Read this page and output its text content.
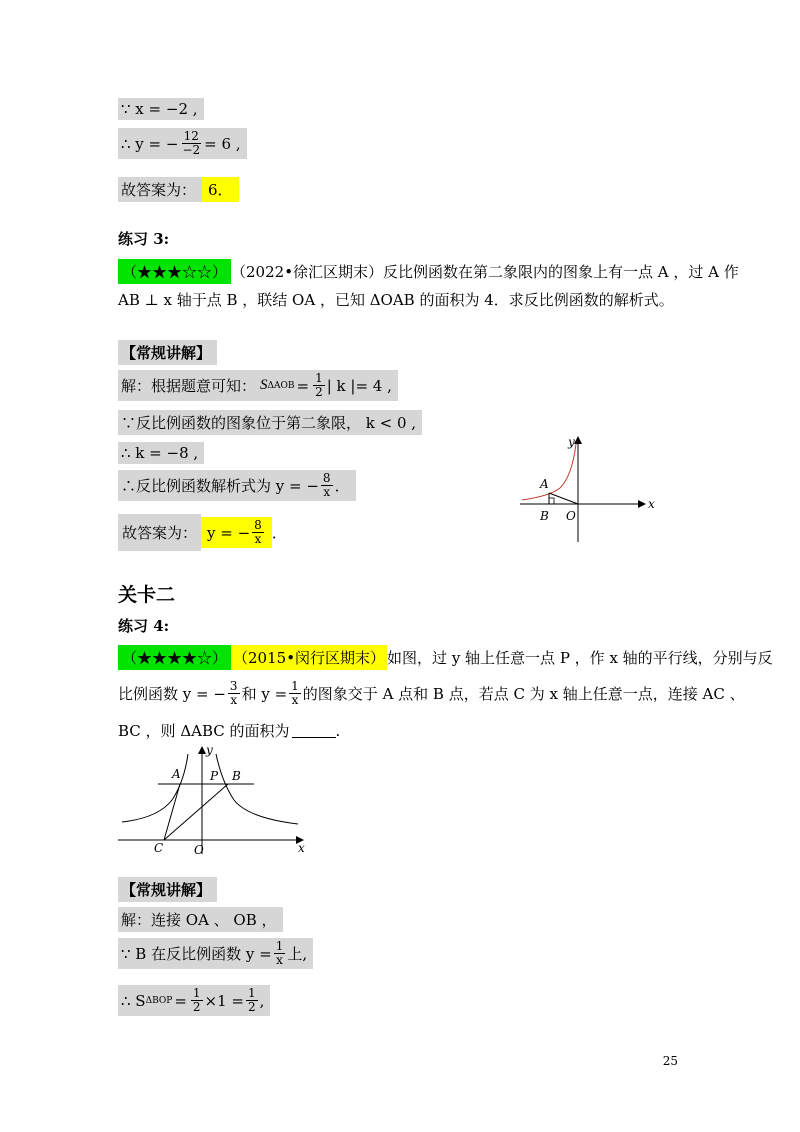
∵ x = −2 ,
∴ y = − $\frac{12}{-2} = 6$ ,
故答案为： 6．
练习 3:
（★★★☆☆） （2022•徐汇区期末）反比例函数在第二象限内的图象上有一点 A ，过 A 作
AB ⊥ x 轴于点 B ，联结 OA ，已知 ΔOAB 的面积为 4．求反比例函数的解析式。
【常规讲解】
解：根据题意可知： S $\Delta AOB = \frac{1}{2}$ | k |= 4 ,
∵反比例函数的图象位于第二象限， k < 0 ,
∴ k = −8 ,
∴反比例函数解析式为 y = − $\frac{8}{x}$ ．
故答案为： y = − $\frac{8}{x}$ ．
y
x
A
B O
关卡二
练习 4:
（★★★★☆） （2015•闵行区期末） 如图，过 y 轴上任意一点 P ，作 x 轴的平行线，分别与反
比例函数 y = − $\frac{3}{x}$ 和 $y = \frac{1}{x}$ 的图象交于 A 点和 B 点，若点 C 为 x 轴上任意一点，连接 AC 、
BC ，则 ΔABC 的面积为	.
y
x
A P B
C	O
【常规讲解】
解：连接 OA 、 OB ，
∵ B 在反比例函数 $y = \frac{1}{x}$ 上,
∴ S $\Delta BOP = \frac{1}{2} \times 1 = \frac{1}{2}$ ,
25
